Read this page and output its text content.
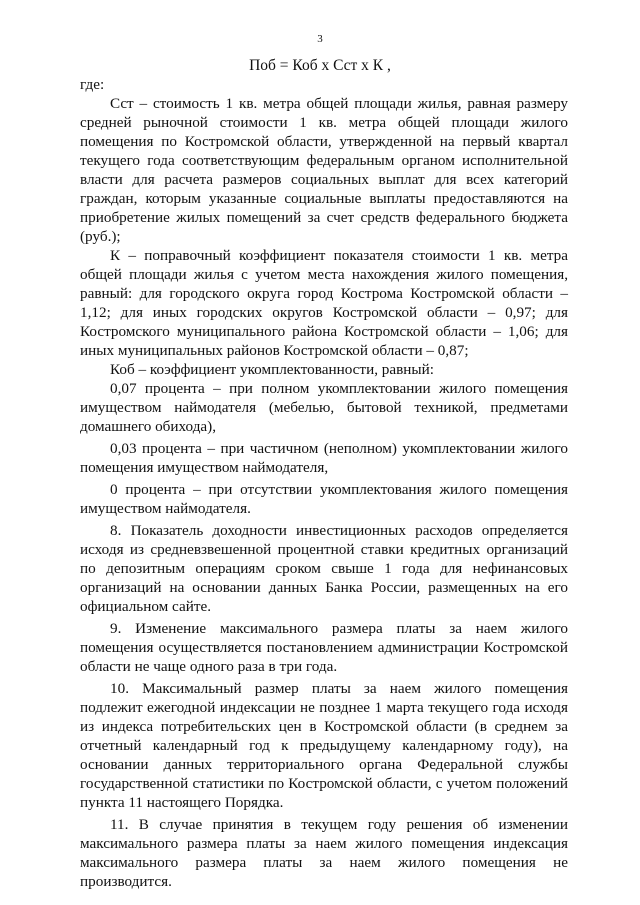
3
Поб = Коб х Сст х К ,

где:

Сст – стоимость 1 кв. метра общей площади жилья, равная размеру средней рыночной стоимости 1 кв. метра общей площади жилого помещения по Костромской области, утвержденной на первый квартал текущего года соответствующим федеральным органом исполнительной власти для расчета размеров социальных выплат для всех категорий граждан, которым указанные социальные выплаты предоставляются на приобретение жилых помещений за счет средств федерального бюджета (руб.);

К – поправочный коэффициент показателя стоимости 1 кв. метра общей площади жилья с учетом места нахождения жилого помещения, равный: для городского округа город Кострома Костромской области – 1,12; для иных городских округов Костромской области – 0,97; для Костромского муниципального района Костромской области – 1,06; для иных муниципальных районов Костромской области – 0,87;

Коб – коэффициент укомплектованности, равный:

0,07 процента – при полном укомплектовании жилого помещения имуществом наймодателя (мебелью, бытовой техникой, предметами домашнего обихода),

0,03 процента – при частичном (неполном) укомплектовании жилого помещения имуществом наймодателя,

0 процента – при отсутствии укомплектования жилого помещения имуществом наймодателя.

8. Показатель доходности инвестиционных расходов определяется исходя из средневзвешенной процентной ставки кредитных организаций по депозитным операциям сроком свыше 1 года для нефинансовых организаций на основании данных Банка России, размещенных на его официальном сайте.

9. Изменение максимального размера платы за наем жилого помещения осуществляется постановлением администрации Костромской области не чаще одного раза в три года.

10. Максимальный размер платы за наем жилого помещения подлежит ежегодной индексации не позднее 1 марта текущего года исходя из индекса потребительских цен в Костромской области (в среднем за отчетный календарный год к предыдущему календарному году), на основании данных территориального органа Федеральной службы государственной статистики по Костромской области, с учетом положений пункта 11 настоящего Порядка.

11. В случае принятия в текущем году решения об изменении максимального размера платы за наем жилого помещения индексация максимального размера платы за наем жилого помещения не производится.
